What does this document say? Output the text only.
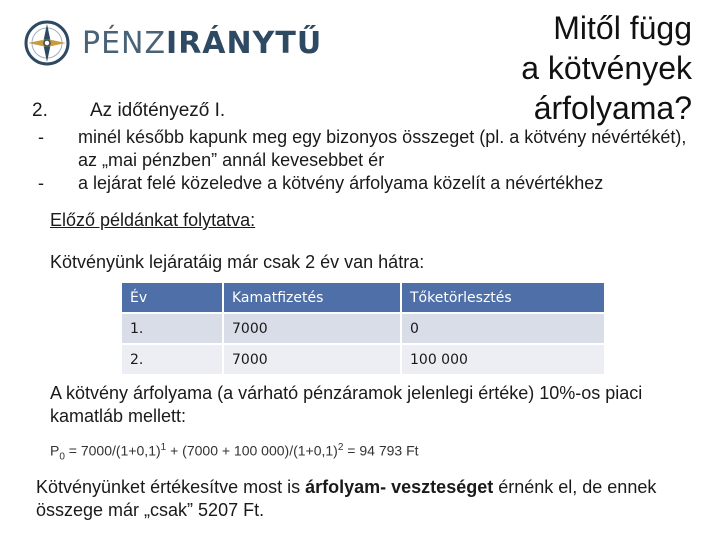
PÉNZIRÁNYTŰ	Mitől függ
a kötvények
árfolyama?
2. Az időtényező I.
-	minél később kapunk meg egy bizonyos összeget (pl. a kötvény névértékét), az „mai pénzben” annál kevesebbet ér
-	a lejárat felé közeledve a kötvény árfolyama közelít a névértékhez
Előző példánkat folytatva:
Kötvényünk lejáratáig már csak 2 év van hátra:
Év	Kamatfizetés	Tőketörlesztés
1.	7000	0
2.	7000	100 000
A kötvény árfolyama (a várható pénzáramok jelenlegi értéke) 10%-os piaci kamatláb mellett:
$P_0 = 7000/(1+0,1)^1 + (7000 + 100$ $000)/(1+0,1)^2 = 94$ 793 Ft
Kötvényünket értékesítve most is árfolyam- veszteséget érnénk el, de ennek összege már „csak” 5207 Ft.
